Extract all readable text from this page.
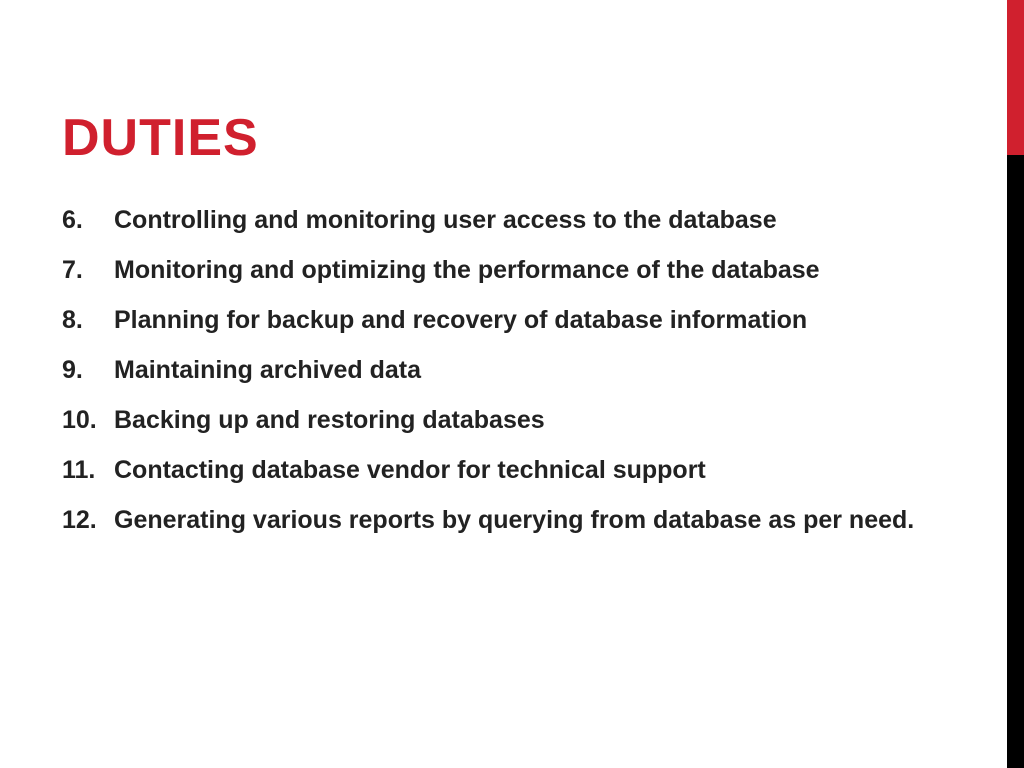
DUTIES
6.	Controlling and monitoring user access to the database
7.	Monitoring and optimizing the performance of the database
8.	Planning for backup and recovery of database information
9.	Maintaining archived data
10. Backing up and restoring databases
11. Contacting database vendor for technical support
12. Generating various reports by querying from database as per need.
